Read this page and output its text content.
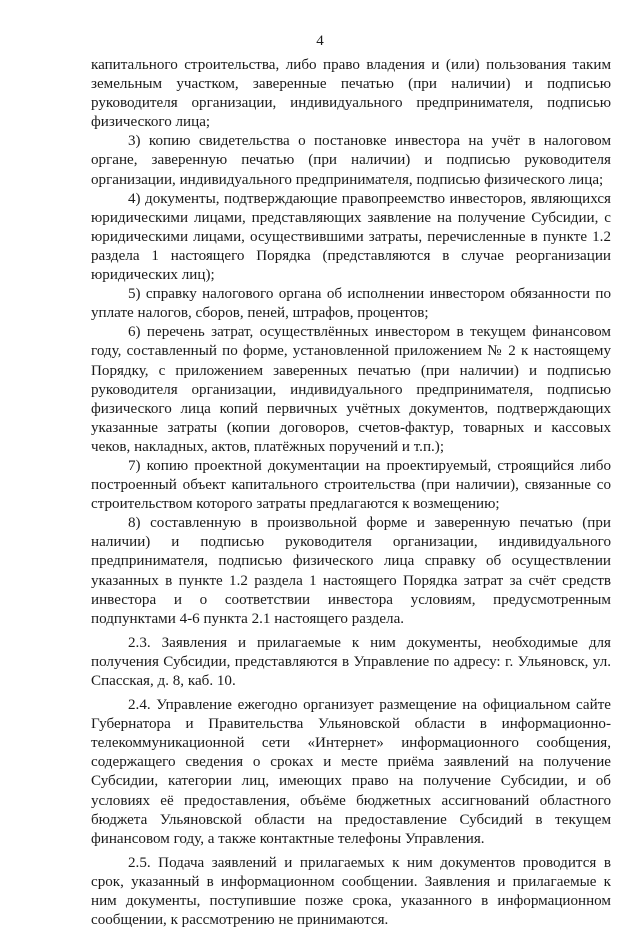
4

капитального строительства, либо право владения и (или) пользования таким земельным участком, заверенные печатью (при наличии) и подписью руководителя организации, индивидуального предпринимателя, подписью физического лица;

3) копию свидетельства о постановке инвестора на учёт в налоговом органе, заверенную печатью (при наличии) и подписью руководителя организации, индивидуального предпринимателя, подписью физического лица;

4) документы, подтверждающие правопреемство инвесторов, являющихся юридическими лицами, представляющих заявление на получение Субсидии, с юридическими лицами, осуществившими затраты, перечисленные в пункте 1.2 раздела 1 настоящего Порядка (представляются в случае реорганизации юридических лиц);

5) справку налогового органа об исполнении инвестором обязанности по уплате налогов, сборов, пеней, штрафов, процентов;

6) перечень затрат, осуществлённых инвестором в текущем финансовом году, составленный по форме, установленной приложением № 2 к настоящему Порядку, с приложением заверенных печатью (при наличии) и подписью руководителя организации, индивидуального предпринимателя, подписью физического лица копий первичных учётных документов, подтверждающих указанные затраты (копии договоров, счетов-фактур, товарных и кассовых чеков, накладных, актов, платёжных поручений и т.п.);

7) копию проектной документации на проектируемый, строящийся либо построенный объект капитального строительства (при наличии), связанные со строительством которого затраты предлагаются к возмещению;

8) составленную в произвольной форме и заверенную печатью (при наличии) и подписью руководителя организации, индивидуального предпринимателя, подписью физического лица справку об осуществлении указанных в пункте 1.2 раздела 1 настоящего Порядка затрат за счёт средств инвестора и о соответствии инвестора условиям, предусмотренным подпунктами 4-6 пункта 2.1 настоящего раздела.

2.3. Заявления и прилагаемые к ним документы, необходимые для получения Субсидии, представляются в Управление по адресу: г. Ульяновск, ул. Спасская, д. 8, каб. 10.

2.4. Управление ежегодно организует размещение на официальном сайте Губернатора и Правительства Ульяновской области в информационно-телекоммуникационной сети «Интернет» информационного сообщения, содержащего сведения о сроках и месте приёма заявлений на получение Субсидии, категории лиц, имеющих право на получение Субсидии, и об условиях её предоставления, объёме бюджетных ассигнований областного бюджета Ульяновской области на предоставление Субсидий в текущем финансовом году, а также контактные телефоны Управления.

2.5. Подача заявлений и прилагаемых к ним документов проводится в срок, указанный в информационном сообщении. Заявления и прилагаемые к ним документы, поступившие позже срока, указанного в информационном сообщении, к рассмотрению не принимаются.
